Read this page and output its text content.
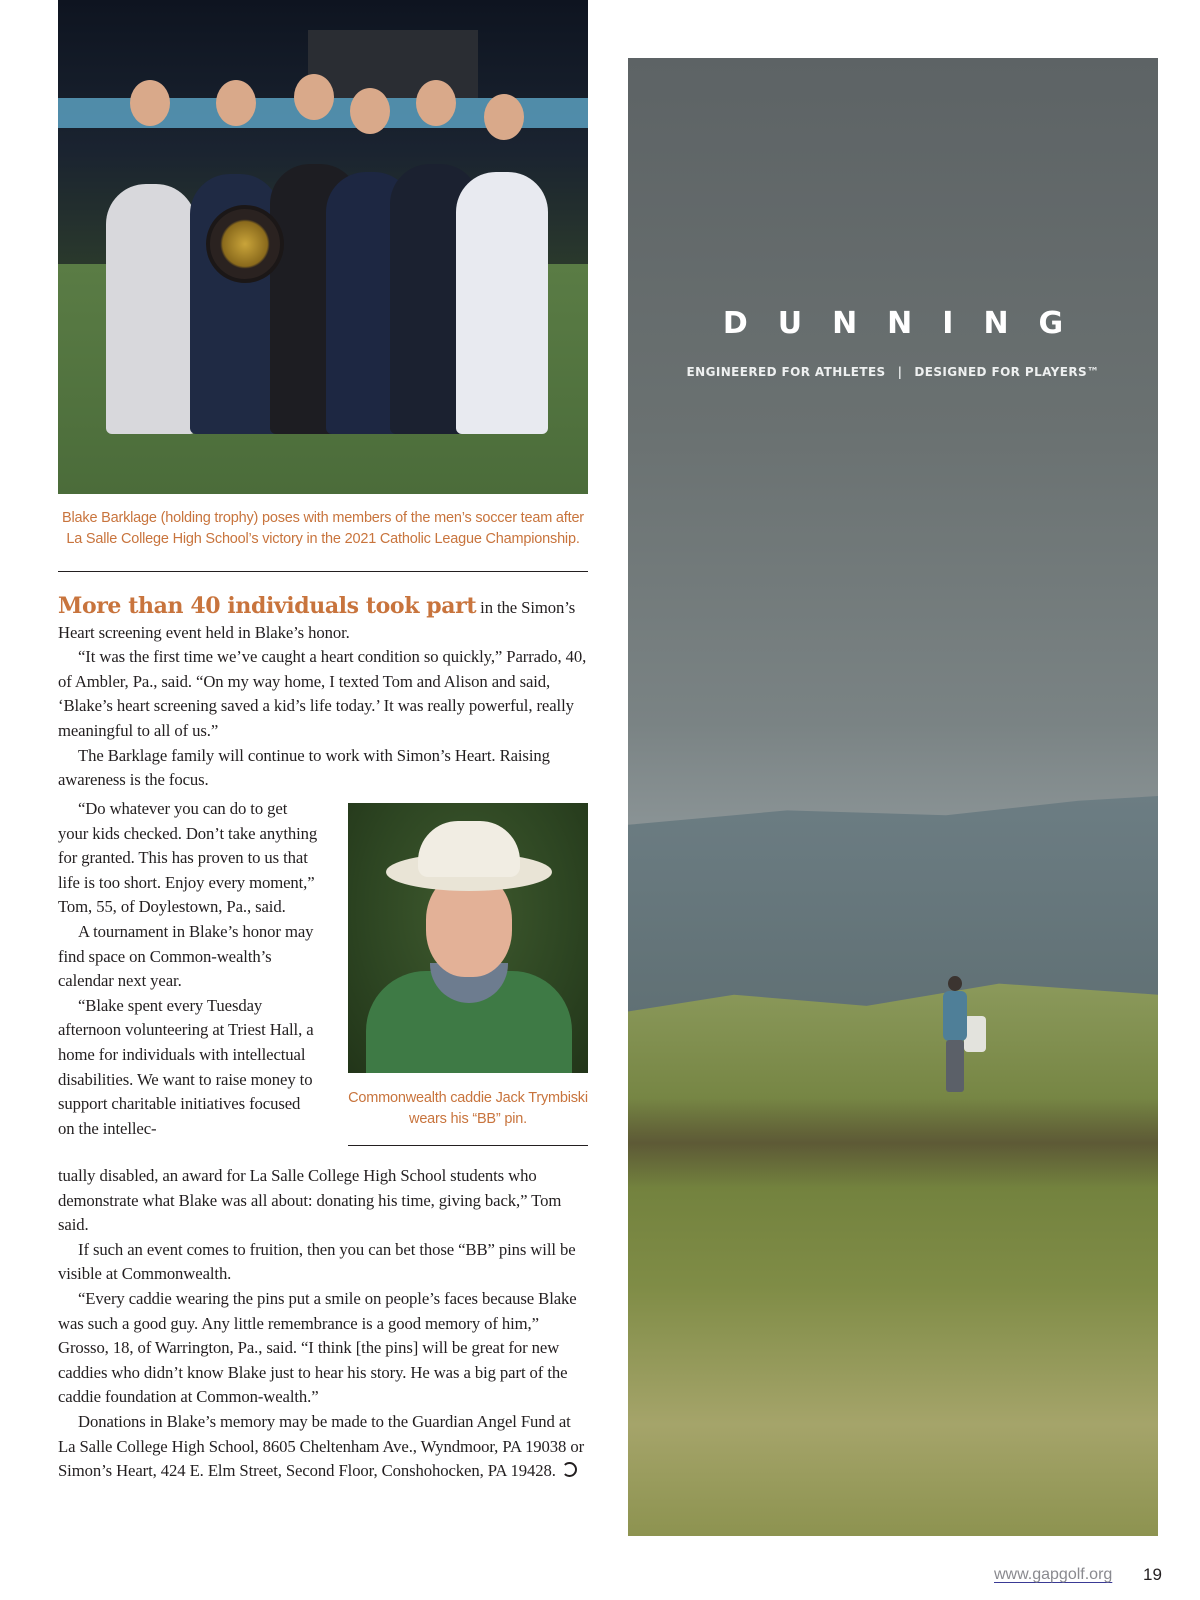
Blake Barklage (holding trophy) poses with members of the men’s soccer team after La Salle College High School’s victory in the 2021 Catholic League Championship.

More than 40 individuals took part in the Simon’s Heart screening event held in Blake’s honor.

“It was the first time we’ve caught a heart condition so quickly,” Parrado, 40, of Ambler, Pa., said. “On my way home, I texted Tom and Alison and said, ‘Blake’s heart screening saved a kid’s life today.’ It was really powerful, really meaningful to all of us.”

The Barklage family will continue to work with Simon’s Heart. Raising awareness is the focus.

“Do whatever you can do to get your kids checked. Don’t take anything for granted. This has proven to us that life is too short. Enjoy every moment,” Tom, 55, of Doylestown, Pa., said.

A tournament in Blake’s honor may find space on Common-wealth’s calendar next year.

“Blake spent every Tuesday afternoon volunteering at Triest Hall, a home for individuals with intellectual disabilities. We want to raise money to support charitable initiatives focused on the intellec-

Commonwealth caddie Jack Trymbiski wears his “BB” pin.

tually disabled, an award for La Salle College High School students who demonstrate what Blake was all about: donating his time, giving back,” Tom said.

If such an event comes to fruition, then you can bet those “BB” pins will be visible at Commonwealth.

“Every caddie wearing the pins put a smile on people’s faces because Blake was such a good guy. Any little remembrance is a good memory of him,” Grosso, 18, of Warrington, Pa., said. “I think [the pins] will be great for new caddies who didn’t know Blake just to hear his story. He was a big part of the caddie foundation at Common-wealth.”

Donations in Blake’s memory may be made to the Guardian Angel Fund at La Salle College High School, 8605 Cheltenham Ave., Wyndmoor, PA 19038 or Simon’s Heart, 424 E. Elm Street, Second Floor, Conshohocken, PA 19428.

DUNNING
ENGINEERED FOR ATHLETES | DESIGNED FOR PLAYERS™
www.gapgolf.org 19
